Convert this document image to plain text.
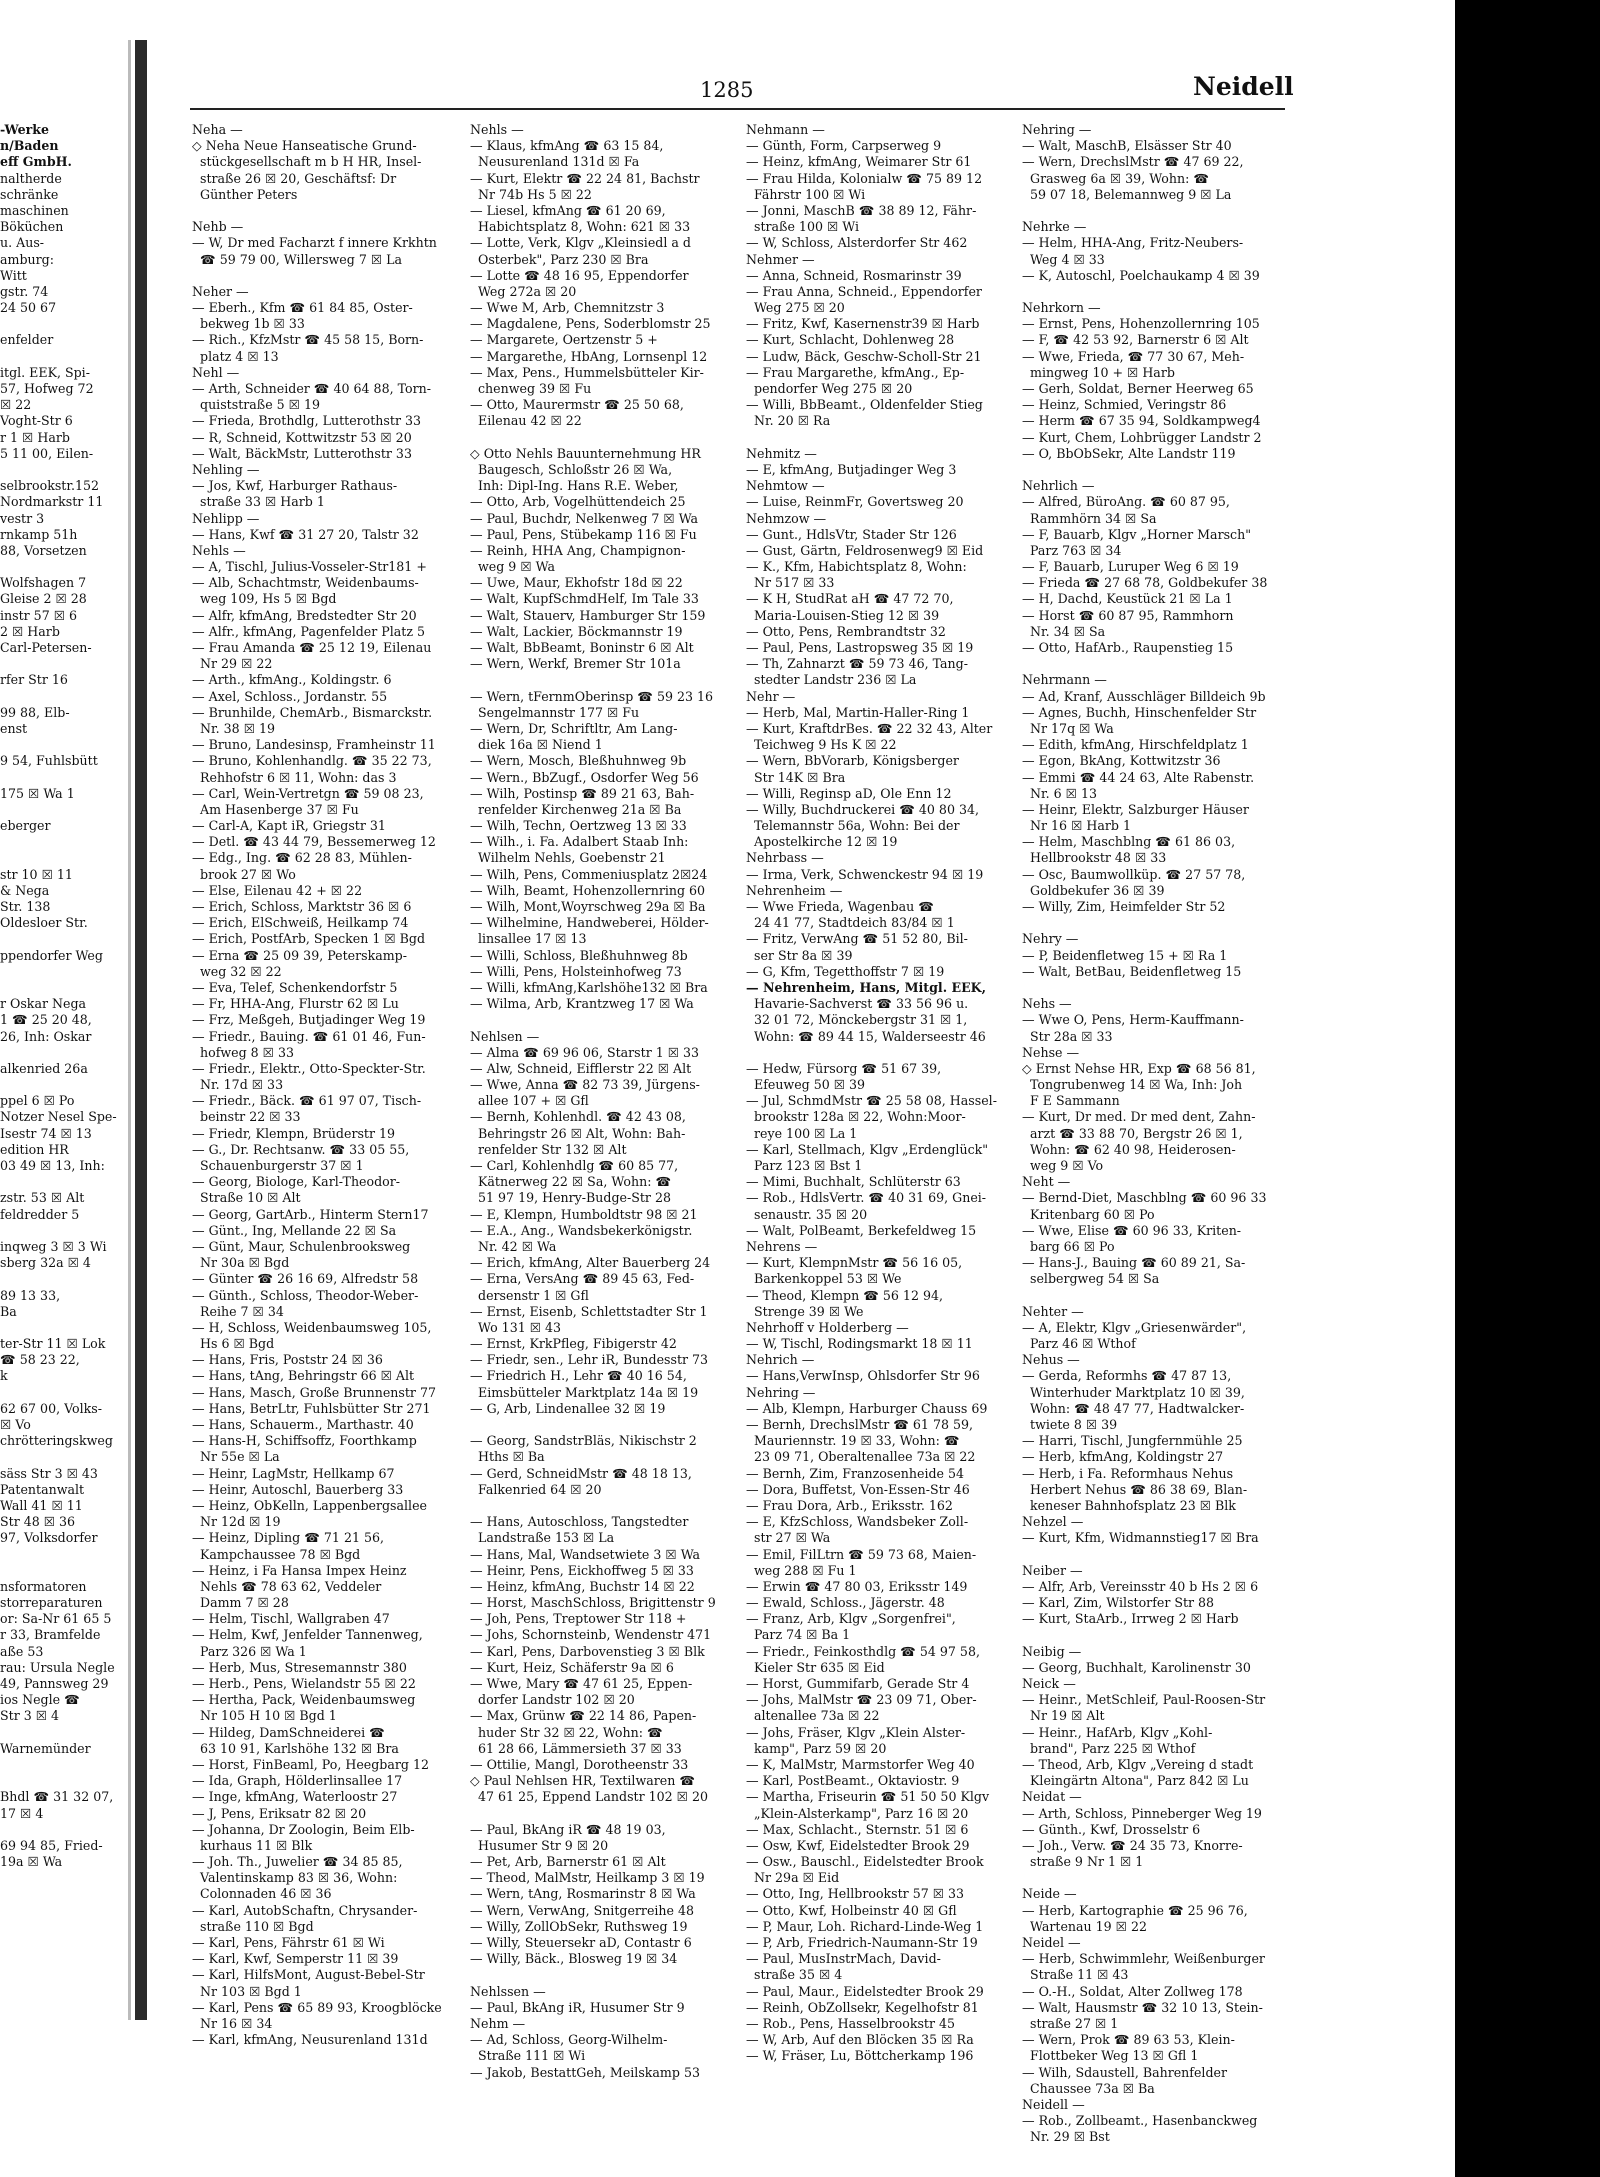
1285	Neidell
-Werke
n/Baden
eff GmbH.
naltherde
schränke
maschinen
Böküchen
u. Aus-
amburg:
Witt
gstr. 74
24 50 67
enfelder
itgl. EEK, Spi-
57, Hofweg 72
☒ 22
Voght-Str 6
r 1 ☒ Harb
5 11 00, Eilen-
selbrookstr.152
Nordmarkstr 11
vestr 3
rnkamp 51h
88, Vorsetzen
Wolfshagen 7
Gleise 2 ☒ 28
instr 57 ☒ 6
2 ☒ Harb
Carl-Petersen-
rfer Str 16
99 88, Elb-
enst
9 54, Fuhlsbütt
175 ☒ Wa 1
eberger
str 10 ☒ 11
& Nega
Str. 138
Oldesloer Str.
ppendorfer Weg
r Oskar Nega
1 ☎ 25 20 48,
26, Inh: Oskar
alkenried 26a
ppel 6 ☒ Po
Notzer Nesel Spe-
Isestr 74 ☒ 13
edition HR
03 49 ☒ 13, Inh:
zstr. 53 ☒ Alt
feldredder 5
inqweg 3 ☒ 3 Wi
sberg 32a ☒ 4
89 13 33,
Ba
ter-Str 11 ☒ Lok
☎ 58 23 22,
k
62 67 00, Volks-
☒ Vo
chrötteringskweg
säss Str 3 ☒ 43
Patentanwalt
Wall 41 ☒ 11
Str 48 ☒ 36
97, Volksdorfer
nsformatoren
storreparaturen
or: Sa-Nr 61 65 5
r 33, Bramfelde
aße 53
rau: Ursula Negle
49, Pannsweg 29
ios Negle ☎
Str 3 ☒ 4
Warnemünder
Bhdl ☎ 31 32 07,
17 ☒ 4
69 94 85, Fried-
19a ☒ Wa
Neha —
◇ Neha Neue Hanseatische Grund-
stückgesellschaft m b H HR, Insel-
straße 26 ☒ 20, Geschäftsf: Dr
Günther Peters
Nehb —
— W, Dr med Facharzt f innere Krkhtn
☎ 59 79 00, Willersweg 7 ☒ La
Neher —
— Eberh., Kfm ☎ 61 84 85, Oster-
bekweg 1b ☒ 33
— Rich., KfzMstr ☎ 45 58 15, Born-
platz 4 ☒ 13
Nehl —
— Arth, Schneider ☎ 40 64 88, Torn-
quiststraße 5 ☒ 19
— Frieda, Brothdlg, Lutterothstr 33
— R, Schneid, Kottwitzstr 53 ☒ 20
— Walt, BäckMstr, Lutterothstr 33
Nehling —
— Jos, Kwf, Harburger Rathaus-
straße 33 ☒ Harb 1
Nehlipp —
— Hans, Kwf ☎ 31 27 20, Talstr 32
Nehls —
— A, Tischl, Julius-Vosseler-Str181 +
— Alb, Schachtmstr, Weidenbaums-
weg 109, Hs 5 ☒ Bgd
— Alfr, kfmAng, Bredstedter Str 20
— Alfr., kfmAng, Pagenfelder Platz 5
— Frau Amanda ☎ 25 12 19, Eilenau
Nr 29 ☒ 22
— Arth., kfmAng., Koldingstr. 6
— Axel, Schloss., Jordanstr. 55
— Brunhilde, ChemArb., Bismarckstr.
Nr. 38 ☒ 19
— Bruno, Landesinsp, Framheinstr 11
— Bruno, Kohlenhandlg. ☎ 35 22 73,
Rehhofstr 6 ☒ 11, Wohn: das 3
— Carl, Wein-Vertretgn ☎ 59 08 23,
Am Hasenberge 37 ☒ Fu
— Carl-A, Kapt iR, Griegstr 31
— Detl. ☎ 43 44 79, Bessemerweg 12
— Edg., Ing. ☎ 62 28 83, Mühlen-
brook 27 ☒ Wo
— Else, Eilenau 42 + ☒ 22
— Erich, Schloss, Marktstr 36 ☒ 6
— Erich, ElSchweiß, Heilkamp 74
— Erich, PostfArb, Specken 1 ☒ Bgd
— Erna ☎ 25 09 39, Peterskamp-
weg 32 ☒ 22
— Eva, Telef, Schenkendorfstr 5
— Fr, HHA-Ang, Flurstr 62 ☒ Lu
— Frz, Meßgeh, Butjadinger Weg 19
— Friedr., Bauing. ☎ 61 01 46, Fun-
hofweg 8 ☒ 33
— Friedr., Elektr., Otto-Speckter-Str.
Nr. 17d ☒ 33
— Friedr., Bäck. ☎ 61 97 07, Tisch-
beinstr 22 ☒ 33
— Friedr, Klempn, Brüderstr 19
— G., Dr. Rechtsanw. ☎ 33 05 55,
Schauenburgerstr 37 ☒ 1
— Georg, Biologe, Karl-Theodor-
Straße 10 ☒ Alt
— Georg, GartArb., Hinterm Stern17
— Günt., Ing, Mellande 22 ☒ Sa
— Günt, Maur, Schulenbrooksweg
Nr 30a ☒ Bgd
— Günter ☎ 26 16 69, Alfredstr 58
— Günth., Schloss, Theodor-Weber-
Reihe 7 ☒ 34
— H, Schloss, Weidenbaumsweg 105,
Hs 6 ☒ Bgd
— Hans, Fris, Poststr 24 ☒ 36
— Hans, tAng, Behringstr 66 ☒ Alt
— Hans, Masch, Große Brunnenstr 77
— Hans, BetrLtr, Fuhlsbütter Str 271
— Hans, Schauerm., Marthastr. 40
— Hans-H, Schiffsoffz, Foorthkamp
Nr 55e ☒ La
— Heinr, LagMstr, Hellkamp 67
— Heinr, Autoschl, Bauerberg 33
— Heinz, ObKelln, Lappenbergsallee
Nr 12d ☒ 19
— Heinz, Dipling ☎ 71 21 56,
Kampchaussee 78 ☒ Bgd
— Heinz, i Fa Hansa Impex Heinz
Nehls ☎ 78 63 62, Veddeler
Damm 7 ☒ 28
— Helm, Tischl, Wallgraben 47
— Helm, Kwf, Jenfelder Tannenweg,
Parz 326 ☒ Wa 1
— Herb, Mus, Stresemannstr 380
— Herb., Pens, Wielandstr 55 ☒ 22
— Hertha, Pack, Weidenbaumsweg
Nr 105 H 10 ☒ Bgd 1
— Hildeg, DamSchneiderei ☎
63 10 91, Karlshöhe 132 ☒ Bra
— Horst, FinBeaml, Po, Heegbarg 12
— Ida, Graph, Hölderlinsallee 17
— Inge, kfmAng, Waterloostr 27
— J, Pens, Eriksatr 82 ☒ 20
— Johanna, Dr Zoologin, Beim Elb-
kurhaus 11 ☒ Blk
— Joh. Th., Juwelier ☎ 34 85 85,
Valentinskamp 83 ☒ 36, Wohn:
Colonnaden 46 ☒ 36
— Karl, AutobSchaftn, Chrysander-
straße 110 ☒ Bgd
— Karl, Pens, Fährstr 61 ☒ Wi
— Karl, Kwf, Semperstr 11 ☒ 39
— Karl, HilfsMont, August-Bebel-Str
Nr 103 ☒ Bgd 1
— Karl, Pens ☎ 65 89 93, Kroogblöcke
Nr 16 ☒ 34
— Karl, kfmAng, Neusurenland 131d
Nehls —
— Klaus, kfmAng ☎ 63 15 84,
Neusurenland 131d ☒ Fa
— Kurt, Elektr ☎ 22 24 81, Bachstr
Nr 74b Hs 5 ☒ 22
— Liesel, kfmAng ☎ 61 20 69,
Habichtsplatz 8, Wohn: 621 ☒ 33
— Lotte, Verk, Klgv „Kleinsiedl a d
Osterbek", Parz 230 ☒ Bra
— Lotte ☎ 48 16 95, Eppendorfer
Weg 272a ☒ 20
— Wwe M, Arb, Chemnitzstr 3
— Magdalene, Pens, Soderblomstr 25
— Margarete, Oertzenstr 5 +
— Margarethe, HbAng, Lornsenpl 12
— Max, Pens., Hummelsbütteler Kir-
chenweg 39 ☒ Fu
— Otto, Maurermstr ☎ 25 50 68,
Eilenau 42 ☒ 22
◇ Otto Nehls Bauunternehmung HR
Baugesch, Schloßstr 26 ☒ Wa,
Inh: Dipl-Ing. Hans R.E. Weber,
— Otto, Arb, Vogelhüttendeich 25
— Paul, Buchdr, Nelkenweg 7 ☒ Wa
— Paul, Pens, Stübekamp 116 ☒ Fu
— Reinh, HHA Ang, Champignon-
weg 9 ☒ Wa
— Uwe, Maur, Ekhofstr 18d ☒ 22
— Walt, KupfSchmdHelf, Im Tale 33
— Walt, Stauerv, Hamburger Str 159
— Walt, Lackier, Böckmannstr 19
— Walt, BbBeamt, Boninstr 6 ☒ Alt
— Wern, Werkf, Bremer Str 101a
— Wern, tFernmOberinsp ☎ 59 23 16
Sengelmannstr 177 ☒ Fu
— Wern, Dr, Schriftltr, Am Lang-
diek 16a ☒ Niend 1
— Wern, Mosch, Bleßhuhnweg 9b
— Wern., BbZugf., Osdorfer Weg 56
— Wilh, Postinsp ☎ 89 21 63, Bah-
renfelder Kirchenweg 21a ☒ Ba
— Wilh, Techn, Oertzweg 13 ☒ 33
— Wilh., i. Fa. Adalbert Staab Inh:
Wilhelm Nehls, Goebenstr 21
— Wilh, Pens, Commeniusplatz 2☒24
— Wilh, Beamt, Hohenzollernring 60
— Wilh, Mont,Woyrschweg 29a ☒ Ba
— Wilhelmine, Handweberei, Hölder-
linsallee 17 ☒ 13
— Willi, Schloss, Bleßhuhnweg 8b
— Willi, Pens, Holsteinhofweg 73
— Willi, kfmAng,Karlshöhe132 ☒ Bra
— Wilma, Arb, Krantzweg 17 ☒ Wa
Nehlsen —
— Alma ☎ 69 96 06, Starstr 1 ☒ 33
— Alw, Schneid, Eifflerstr 22 ☒ Alt
— Wwe, Anna ☎ 82 73 39, Jürgens-
allee 107 + ☒ Gfl
— Bernh, Kohlenhdl. ☎ 42 43 08,
Behringstr 26 ☒ Alt, Wohn: Bah-
renfelder Str 132 ☒ Alt
— Carl, Kohlenhdlg ☎ 60 85 77,
Kätnerweg 22 ☒ Sa, Wohn: ☎
51 97 19, Henry-Budge-Str 28
— E, Klempn, Humboldtstr 98 ☒ 21
— E.A., Ang., Wandsbekerkönigstr.
Nr. 42 ☒ Wa
— Erich, kfmAng, Alter Bauerberg 24
— Erna, VersAng ☎ 89 45 63, Fed-
dersenstr 1 ☒ Gfl
— Ernst, Eisenb, Schlettstadter Str 1
Wo 131 ☒ 43
— Ernst, KrkPfleg, Fibigerstr 42
— Friedr, sen., Lehr iR, Bundesstr 73
— Friedrich H., Lehr ☎ 40 16 54,
Eimsbütteler Marktplatz 14a ☒ 19
— G, Arb, Lindenallee 32 ☒ 19
— Georg, SandstrBläs, Nikischstr 2
Hths ☒ Ba
— Gerd, SchneidMstr ☎ 48 18 13,
Falkenried 64 ☒ 20
— Hans, Autoschloss, Tangstedter
Landstraße 153 ☒ La
— Hans, Mal, Wandsetwiete 3 ☒ Wa
— Heinr, Pens, Eickhoffweg 5 ☒ 33
— Heinz, kfmAng, Buchstr 14 ☒ 22
— Horst, MaschSchloss, Brigittenstr 9
— Joh, Pens, Treptower Str 118 +
— Johs, Schornsteinb, Wendenstr 471
— Karl, Pens, Darbovenstieg 3 ☒ Blk
— Kurt, Heiz, Schäferstr 9a ☒ 6
— Wwe, Mary ☎ 47 61 25, Eppen-
dorfer Landstr 102 ☒ 20
— Max, Grünw ☎ 22 14 86, Papen-
huder Str 32 ☒ 22, Wohn: ☎
61 28 66, Lämmersieth 37 ☒ 33
— Ottilie, Mangl, Dorotheenstr 33
◇ Paul Nehlsen HR, Textilwaren ☎
47 61 25, Eppend Landstr 102 ☒ 20
— Paul, BkAng iR ☎ 48 19 03,
Husumer Str 9 ☒ 20
— Pet, Arb, Barnerstr 61 ☒ Alt
— Theod, MalMstr, Heilkamp 3 ☒ 19
— Wern, tAng, Rosmarinstr 8 ☒ Wa
— Wern, VerwAng, Snitgerreihe 48
— Willy, ZollObSekr, Ruthsweg 19
— Willy, Steuersekr aD, Contastr 6
— Willy, Bäck., Blosweg 19 ☒ 34
Nehlssen —
— Paul, BkAng iR, Husumer Str 9
Nehm —
— Ad, Schloss, Georg-Wilhelm-
Straße 111 ☒ Wi
— Jakob, BestattGeh, Meilskamp 53
Nehmann —
— Günth, Form, Carpserweg 9
— Heinz, kfmAng, Weimarer Str 61
— Frau Hilda, Kolonialw ☎ 75 89 12
Fährstr 100 ☒ Wi
— Jonni, MaschB ☎ 38 89 12, Fähr-
straße 100 ☒ Wi
— W, Schloss, Alsterdorfer Str 462
Nehmer —
— Anna, Schneid, Rosmarinstr 39
— Frau Anna, Schneid., Eppendorfer
Weg 275 ☒ 20
— Fritz, Kwf, Kasernenstr39 ☒ Harb
— Kurt, Schlacht, Dohlenweg 28
— Ludw, Bäck, Geschw-Scholl-Str 21
— Frau Margarethe, kfmAng., Ep-
pendorfer Weg 275 ☒ 20
— Willi, BbBeamt., Oldenfelder Stieg
Nr. 20 ☒ Ra
Nehmitz —
— E, kfmAng, Butjadinger Weg 3
Nehmtow —
— Luise, ReinmFr, Govertsweg 20
Nehmzow —
— Gunt., HdlsVtr, Stader Str 126
— Gust, Gärtn, Feldrosenweg9 ☒ Eid
— K., Kfm, Habichtsplatz 8, Wohn:
Nr 517 ☒ 33
— K H, StudRat aH ☎ 47 72 70,
Maria-Louisen-Stieg 12 ☒ 39
— Otto, Pens, Rembrandtstr 32
— Paul, Pens, Lastropsweg 35 ☒ 19
— Th, Zahnarzt ☎ 59 73 46, Tang-
stedter Landstr 236 ☒ La
Nehr —
— Herb, Mal, Martin-Haller-Ring 1
— Kurt, KraftdrBes. ☎ 22 32 43, Alter
Teichweg 9 Hs K ☒ 22
— Wern, BbVorarb, Königsberger
Str 14K ☒ Bra
— Willi, Reginsp aD, Ole Enn 12
— Willy, Buchdruckerei ☎ 40 80 34,
Telemannstr 56a, Wohn: Bei der
Apostelkirche 12 ☒ 19
Nehrbass —
— Irma, Verk, Schwenckestr 94 ☒ 19
Nehrenheim —
— Wwe Frieda, Wagenbau ☎
24 41 77, Stadtdeich 83/84 ☒ 1
— Fritz, VerwAng ☎ 51 52 80, Bil-
ser Str 8a ☒ 39
— G, Kfm, Tegetthoffstr 7 ☒ 19
— Nehrenheim, Hans, Mitgl. EEK,
Havarie-Sachverst ☎ 33 56 96 u.
32 01 72, Mönckebergstr 31 ☒ 1,
Wohn: ☎ 89 44 15, Walderseestr 46
— Hedw, Fürsorg ☎ 51 67 39,
Efeuweg 50 ☒ 39
— Jul, SchmdMstr ☎ 25 58 08, Hassel-
brookstr 128a ☒ 22, Wohn:Moor-
reye 100 ☒ La 1
— Karl, Stellmach, Klgv „Erdenglück"
Parz 123 ☒ Bst 1
— Mimi, Buchhalt, Schlüterstr 63
— Rob., HdlsVertr. ☎ 40 31 69, Gnei-
senaustr. 35 ☒ 20
— Walt, PolBeamt, Berkefeldweg 15
Nehrens —
— Kurt, KlempnMstr ☎ 56 16 05,
Barkenkoppel 53 ☒ We
— Theod, Klempn ☎ 56 12 94,
Strenge 39 ☒ We
Nehrhoff v Holderberg —
— W, Tischl, Rodingsmarkt 18 ☒ 11
Nehrich —
— Hans,VerwInsp, Ohlsdorfer Str 96
Nehring —
— Alb, Klempn, Harburger Chauss 69
— Bernh, DrechslMstr ☎ 61 78 59,
Mauriennstr. 19 ☒ 33, Wohn: ☎
23 09 71, Oberaltenallee 73a ☒ 22
— Bernh, Zim, Franzosenheide 54
— Dora, Buffetst, Von-Essen-Str 46
— Frau Dora, Arb., Eriksstr. 162
— E, KfzSchloss, Wandsbeker Zoll-
str 27 ☒ Wa
— Emil, FilLtrn ☎ 59 73 68, Maien-
weg 288 ☒ Fu 1
— Erwin ☎ 47 80 03, Eriksstr 149
— Ewald, Schloss., Jägerstr. 48
— Franz, Arb, Klgv „Sorgenfrei",
Parz 74 ☒ Ba 1
— Friedr., Feinkosthdlg ☎ 54 97 58,
Kieler Str 635 ☒ Eid
— Horst, Gummifarb, Gerade Str 4
— Johs, MalMstr ☎ 23 09 71, Ober-
altenallee 73a ☒ 22
— Johs, Fräser, Klgv „Klein Alster-
kamp", Parz 59 ☒ 20
— K, MalMstr, Marmstorfer Weg 40
— Karl, PostBeamt., Oktaviostr. 9
— Martha, Friseurin ☎ 51 50 50 Klgv
„Klein-Alsterkamp", Parz 16 ☒ 20
— Max, Schlacht., Sternstr. 51 ☒ 6
— Osw, Kwf, Eidelstedter Brook 29
— Osw., Bauschl., Eidelstedter Brook
Nr 29a ☒ Eid
— Otto, Ing, Hellbrookstr 57 ☒ 33
— Otto, Kwf, Holbeinstr 40 ☒ Gfl
— P, Maur, Loh. Richard-Linde-Weg 1
— P, Arb, Friedrich-Naumann-Str 19
— Paul, MusInstrMach, David-
straße 35 ☒ 4
— Paul, Maur., Eidelstedter Brook 29
— Reinh, ObZollsekr, Kegelhofstr 81
— Rob., Pens, Hasselbrookstr 45
— W, Arb, Auf den Blöcken 35 ☒ Ra
— W, Fräser, Lu, Böttcherkamp 196
Nehring —
— Walt, MaschB, Elsässer Str 40
— Wern, DrechslMstr ☎ 47 69 22,
Grasweg 6a ☒ 39, Wohn: ☎
59 07 18, Belemannweg 9 ☒ La
Nehrke —
— Helm, HHA-Ang, Fritz-Neubers-
Weg 4 ☒ 33
— K, Autoschl, Poelchaukamp 4 ☒ 39
Nehrkorn —
— Ernst, Pens, Hohenzollernring 105
— F, ☎ 42 53 92, Barnerstr 6 ☒ Alt
— Wwe, Frieda, ☎ 77 30 67, Meh-
mingweg 10 + ☒ Harb
— Gerh, Soldat, Berner Heerweg 65
— Heinz, Schmied, Veringstr 86
— Herm ☎ 67 35 94, Soldkampweg4
— Kurt, Chem, Lohbrügger Landstr 2
— O, BbObSekr, Alte Landstr 119
Nehrlich —
— Alfred, BüroAng. ☎ 60 87 95,
Rammhörn 34 ☒ Sa
— F, Bauarb, Klgv „Horner Marsch"
Parz 763 ☒ 34
— F, Bauarb, Luruper Weg 6 ☒ 19
— Frieda ☎ 27 68 78, Goldbekufer 38
— H, Dachd, Keustück 21 ☒ La 1
— Horst ☎ 60 87 95, Rammhorn
Nr. 34 ☒ Sa
— Otto, HafArb., Raupenstieg 15
Nehrmann —
— Ad, Kranf, Ausschläger Billdeich 9b
— Agnes, Buchh, Hinschenfelder Str
Nr 17q ☒ Wa
— Edith, kfmAng, Hirschfeldplatz 1
— Egon, BkAng, Kottwitzstr 36
— Emmi ☎ 44 24 63, Alte Rabenstr.
Nr. 6 ☒ 13
— Heinr, Elektr, Salzburger Häuser
Nr 16 ☒ Harb 1
— Helm, Maschblng ☎ 61 86 03,
Hellbrookstr 48 ☒ 33
— Osc, Baumwollküp. ☎ 27 57 78,
Goldbekufer 36 ☒ 39
— Willy, Zim, Heimfelder Str 52
Nehry —
— P, Beidenfletweg 15 + ☒ Ra 1
— Walt, BetBau, Beidenfletweg 15
Nehs —
— Wwe O, Pens, Herm-Kauffmann-
Str 28a ☒ 33
Nehse —
◇ Ernst Nehse HR, Exp ☎ 68 56 81,
Tongrubenweg 14 ☒ Wa, Inh: Joh
F E Sammann
— Kurt, Dr med. Dr med dent, Zahn-
arzt ☎ 33 88 70, Bergstr 26 ☒ 1,
Wohn: ☎ 62 40 98, Heiderosen-
weg 9 ☒ Vo
Neht —
— Bernd-Diet, Maschblng ☎ 60 96 33
Kritenbarg 60 ☒ Po
— Wwe, Elise ☎ 60 96 33, Kriten-
barg 66 ☒ Po
— Hans-J., Bauing ☎ 60 89 21, Sa-
selbergweg 54 ☒ Sa
Nehter —
— A, Elektr, Klgv „Griesenwärder",
Parz 46 ☒ Wthof
Nehus —
— Gerda, Reformhs ☎ 47 87 13,
Winterhuder Marktplatz 10 ☒ 39,
Wohn: ☎ 48 47 77, Hadtwalcker-
twiete 8 ☒ 39
— Harri, Tischl, Jungfernmühle 25
— Herb, kfmAng, Koldingstr 27
— Herb, i Fa. Reformhaus Nehus
Herbert Nehus ☎ 86 38 69, Blan-
keneser Bahnhofsplatz 23 ☒ Blk
Nehzel —
— Kurt, Kfm, Widmannstieg17 ☒ Bra
Neiber —
— Alfr, Arb, Vereinsstr 40 b Hs 2 ☒ 6
— Karl, Zim, Wilstorfer Str 88
— Kurt, StaArb., Irrweg 2 ☒ Harb
Neibig —
— Georg, Buchhalt, Karolinenstr 30
Neick —
— Heinr., MetSchleif, Paul-Roosen-Str
Nr 19 ☒ Alt
— Heinr., HafArb, Klgv „Kohl-
brand", Parz 225 ☒ Wthof
— Theod, Arb, Klgv „Vereing d stadt
Kleingärtn Altona", Parz 842 ☒ Lu
Neidat —
— Arth, Schloss, Pinneberger Weg 19
— Günth., Kwf, Drosselstr 6
— Joh., Verw. ☎ 24 35 73, Knorre-
straße 9 Nr 1 ☒ 1
Neide —
— Herb, Kartographie ☎ 25 96 76,
Wartenau 19 ☒ 22
Neidel —
— Herb, Schwimmlehr, Weißenburger
Straße 11 ☒ 43
— O.-H., Soldat, Alter Zollweg 178
— Walt, Hausmstr ☎ 32 10 13, Stein-
straße 27 ☒ 1
— Wern, Prok ☎ 89 63 53, Klein-
Flottbeker Weg 13 ☒ Gfl 1
— Wilh, Sdaustell, Bahrenfelder
Chaussee 73a ☒ Ba
Neidell —
— Rob., Zollbeamt., Hasenbanckweg
Nr. 29 ☒ Bst
